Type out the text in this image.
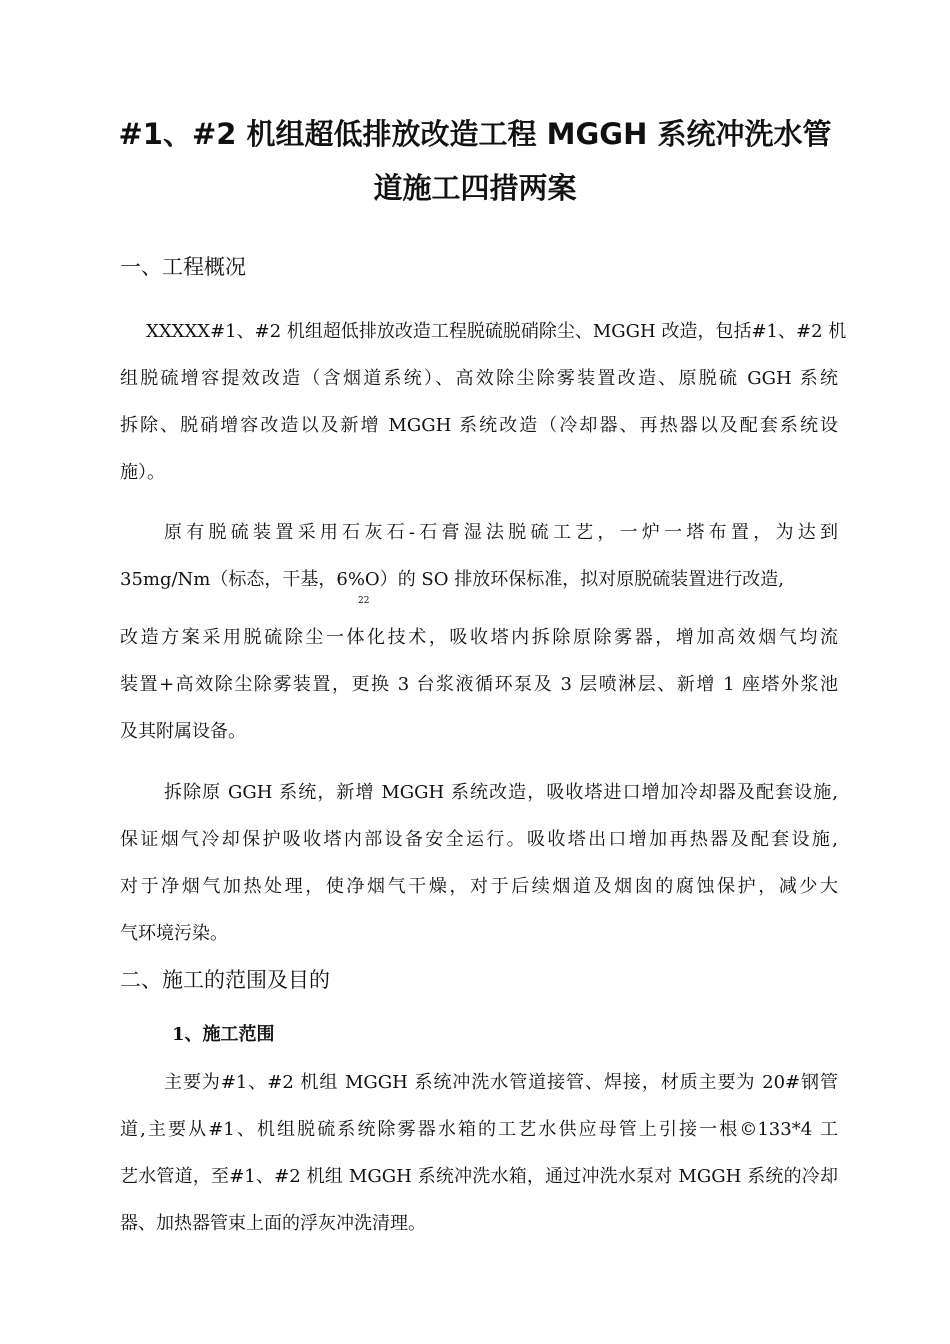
#1、#2 机组超低排放改造工程 MGGH 系统冲洗水管
道施工四措两案
一、工程概况

XXXXX#1、#2 机组超低排放改造工程脱硫脱硝除尘、MGGH 改造，包括#1、#2 机

组脱硫增容提效改造（含烟道系统）、高效除尘除雾装置改造、原脱硫 GGH 系统

拆除、脱硝增容改造以及新增 MGGH 系统改造（冷却器、再热器以及配套系统设

施）。

原有脱硫装置采用石灰石-石膏湿法脱硫工艺，一炉一塔布置，为达到

35mg/Nm（标态，干基，6%O）的 SO 排放环保标准，拟对原脱硫装置进行改造,

22

改造方案采用脱硫除尘一体化技术，吸收塔内拆除原除雾器，增加高效烟气均流

装置+高效除尘除雾装置，更换 3 台浆液循环泵及 3 层喷淋层、新增 1 座塔外浆池

及其附属设备。

拆除原 GGH 系统，新增 MGGH 系统改造，吸收塔进口增加冷却器及配套设施,

保证烟气冷却保护吸收塔内部设备安全运行。吸收塔出口增加再热器及配套设施,

对于净烟气加热处理，使净烟气干燥，对于后续烟道及烟囱的腐蚀保护，减少大

气环境污染。

二、施工的范围及目的
1、施工范围

主要为#1、#2 机组 MGGH 系统冲洗水管道接管、焊接，材质主要为 20#钢管

道,主要从#1、机组脱硫系统除雾器水箱的工艺水供应母管上引接一根©133*4 工

艺水管道，至#1、#2 机组 MGGH 系统冲洗水箱，通过冲洗水泵对 MGGH 系统的冷却

器、加热器管束上面的浮灰冲洗清理。
